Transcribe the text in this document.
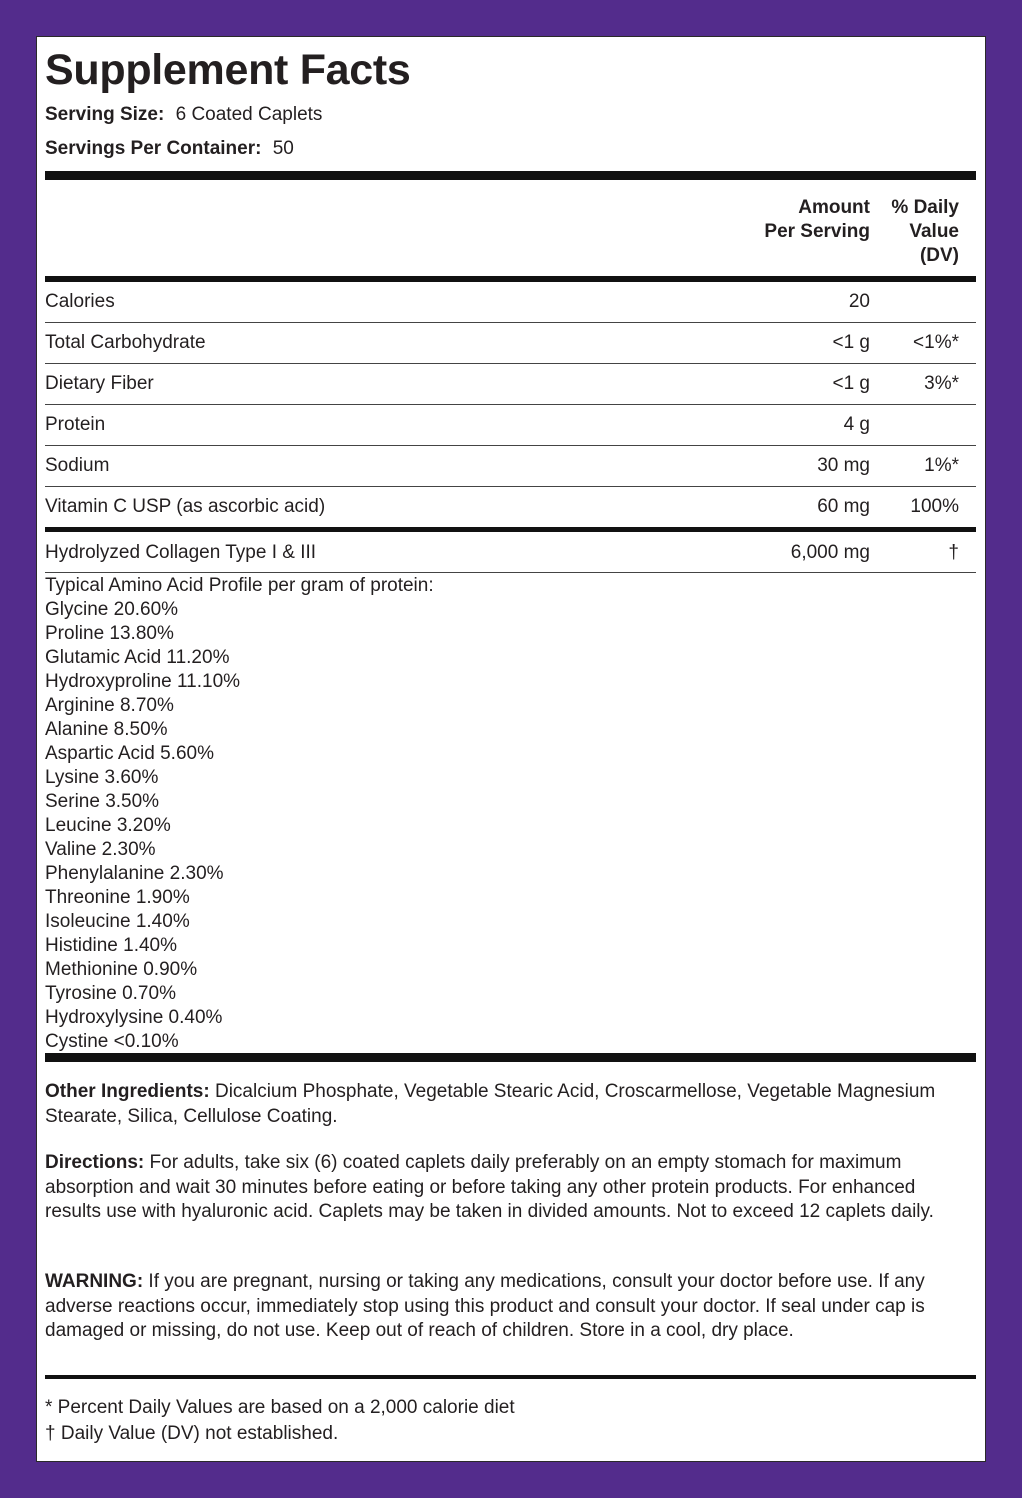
Supplement Facts
Serving Size: 6 Coated Caplets
Servings Per Container: 50
Amount
Per Serving
% Daily
Value
(DV)
Calories	20
Total Carbohydrate	<1 g <1%*
Dietary Fiber	<1 g	3%*
Protein	4 g
Sodium	30 mg	1%*
Vitamin C USP (as ascorbic acid)	60 mg 100%
Hydrolyzed Collagen Type I & III	6,000 mg	†
Typical Amino Acid Profile per gram of protein:
Glycine 20.60%
Proline 13.80%
Glutamic Acid 11.20%
Hydroxyproline 11.10%
Arginine 8.70%
Alanine 8.50%
Aspartic Acid 5.60%
Lysine 3.60%
Serine 3.50%
Leucine 3.20%
Valine 2.30%
Phenylalanine 2.30%
Threonine 1.90%
Isoleucine 1.40%
Histidine 1.40%
Methionine 0.90%
Tyrosine 0.70%
Hydroxylysine 0.40%
Cystine <0.10%
Other Ingredients: Dicalcium Phosphate, Vegetable Stearic Acid, Croscarmellose, Vegetable Magnesium Stearate, Silica, Cellulose Coating.
Directions: For adults, take six (6) coated caplets daily preferably on an empty stomach for maximum absorption and wait 30 minutes before eating or before taking any other protein products. For enhanced results use with hyaluronic acid. Caplets may be taken in divided amounts. Not to exceed 12 caplets daily.
WARNING: If you are pregnant, nursing or taking any medications, consult your doctor before use. If any adverse reactions occur, immediately stop using this product and consult your doctor. If seal under cap is damaged or missing, do not use. Keep out of reach of children. Store in a cool, dry place.
* Percent Daily Values are based on a 2,000 calorie diet
† Daily Value (DV) not established.
